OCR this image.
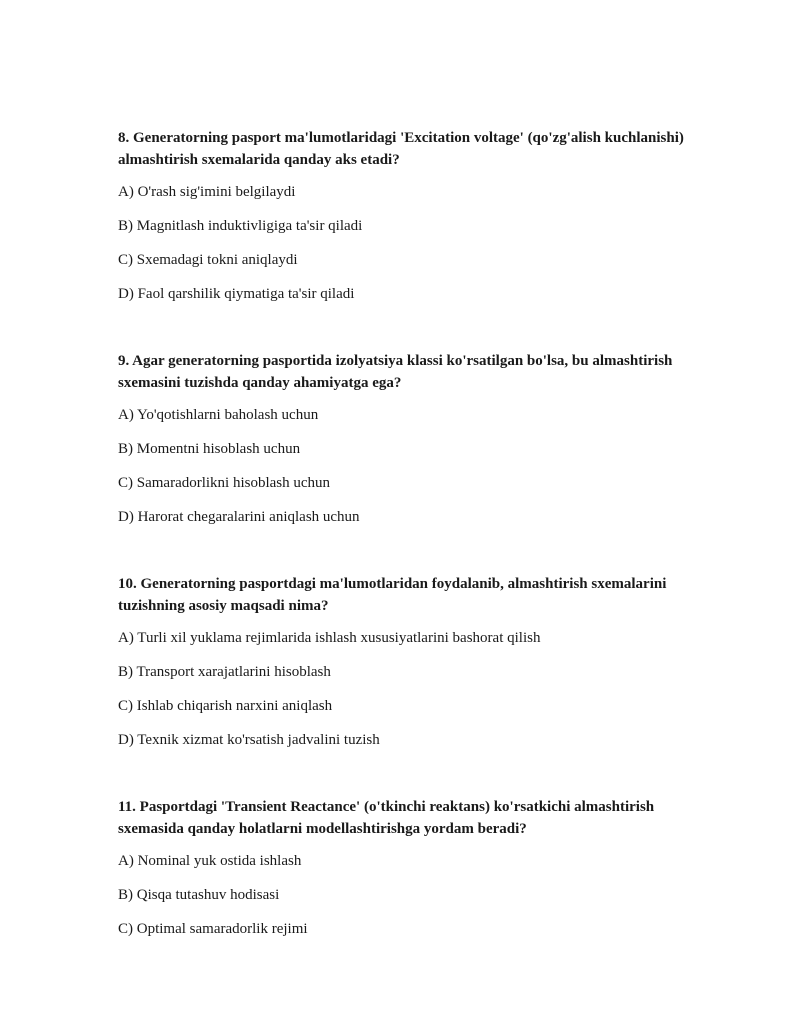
8. Generatorning pasport ma'lumotlaridagi 'Excitation voltage' (qo'zg'alish kuchlanishi) almashtirish sxemalarida qanday aks etadi?

A) O'rash sig'imini belgilaydi

B) Magnitlash induktivligiga ta'sir qiladi

C) Sxemadagi tokni aniqlaydi

D) Faol qarshilik qiymatiga ta'sir qiladi

9. Agar generatorning pasportida izolyatsiya klassi ko'rsatilgan bo'lsa, bu almashtirish sxemasini tuzishda qanday ahamiyatga ega?

A) Yo'qotishlarni baholash uchun

B) Momentni hisoblash uchun

C) Samaradorlikni hisoblash uchun

D) Harorat chegaralarini aniqlash uchun

10. Generatorning pasportdagi ma'lumotlaridan foydalanib, almashtirish sxemalarini tuzishning asosiy maqsadi nima?

A) Turli xil yuklama rejimlarida ishlash xususiyatlarini bashorat qilish

B) Transport xarajatlarini hisoblash

C) Ishlab chiqarish narxini aniqlash

D) Texnik xizmat ko'rsatish jadvalini tuzish

11. Pasportdagi 'Transient Reactance' (o'tkinchi reaktans) ko'rsatkichi almashtirish sxemasida qanday holatlarni modellashtirishga yordam beradi?

A) Nominal yuk ostida ishlash

B) Qisqa tutashuv hodisasi

C) Optimal samaradorlik rejimi
